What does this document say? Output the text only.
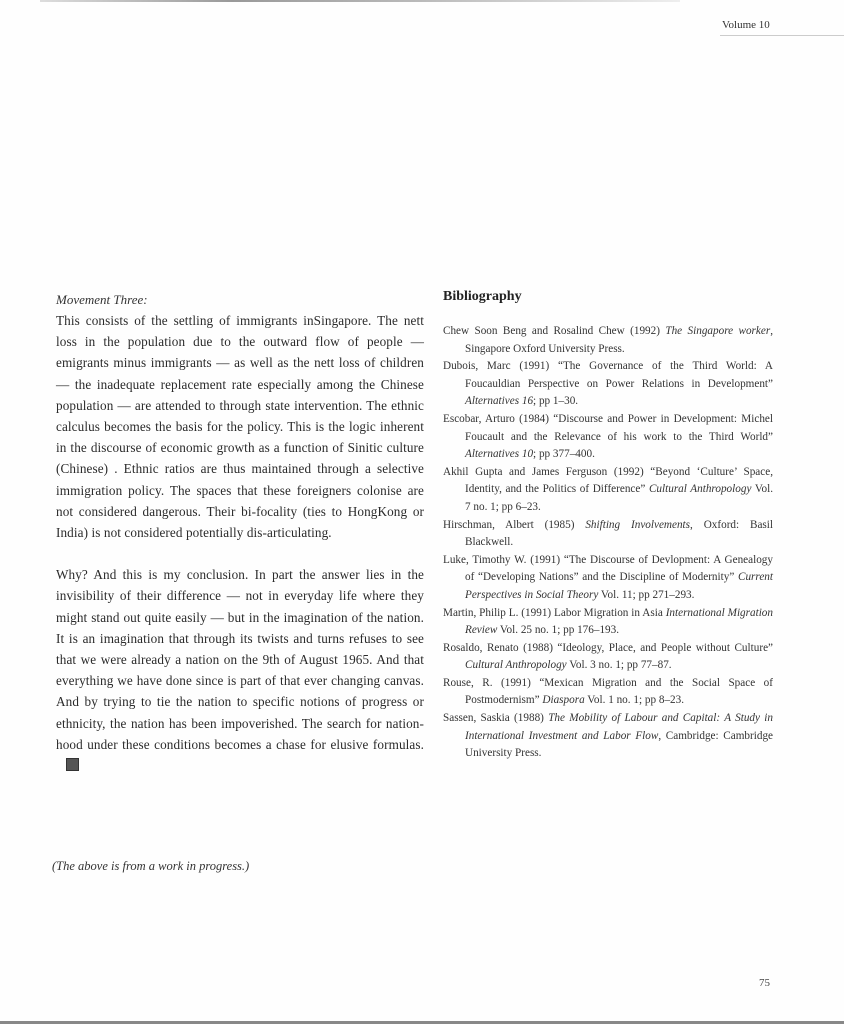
Volume 10

Movement Three:

This consists of the settling of immigrants inSingapore. The nett loss in the population due to the outward flow of people — emigrants minus immigrants — as well as the nett loss of children — the inadequate replacement rate especially among the Chinese population — are attended to through state intervention. The ethnic calculus becomes the basis for the policy. This is the logic inherent in the discourse of economic growth as a function of Sinitic culture (Chinese) . Ethnic ratios are thus maintained through a selective immigration policy. The spaces that these foreigners colonise are not considered dangerous. Their bi-focality (ties to HongKong or India) is not considered potentially dis-articulating.

Why? And this is my conclusion. In part the answer lies in the invisibility of their difference — not in everyday life where they might stand out quite easily — but in the imagination of the nation. It is an imagination that through its twists and turns refuses to see that we were already a nation on the 9th of August 1965. And that everything we have done since is part of that ever changing canvas. And by trying to tie the nation to specific notions of progress or ethnicity, the nation has been impoverished. The search for nation-hood under these conditions becomes a chase for elusive formulas.

(The above is from a work in progress.)
Bibliography
Chew Soon Beng and Rosalind Chew (1992) The Singapore worker, Singapore Oxford University Press.
Dubois, Marc (1991) “The Governance of the Third World: A Foucauldian Perspective on Power Relations in Development” Alternatives 16; pp 1–30.
Escobar, Arturo (1984) “Discourse and Power in Development: Michel Foucault and the Relevance of his work to the Third World” Alternatives 10; pp 377–400.
Akhil Gupta and James Ferguson (1992) “Beyond ‘Culture’ Space, Identity, and the Politics of Difference” Cultural Anthropology Vol. 7 no. 1; pp 6–23.
Hirschman, Albert (1985) Shifting Involvements, Oxford: Basil Blackwell.
Luke, Timothy W. (1991) “The Discourse of Devlopment: A Genealogy of “Developing Nations” and the Discipline of Modernity” Current Perspectives in Social Theory Vol. 11; pp 271–293.
Martin, Philip L. (1991) Labor Migration in Asia International Migration Review Vol. 25 no. 1; pp 176–193.
Rosaldo, Renato (1988) “Ideology, Place, and People without Culture” Cultural Anthropology Vol. 3 no. 1; pp 77–87.
Rouse, R. (1991) “Mexican Migration and the Social Space of Postmodernism” Diaspora Vol. 1 no. 1; pp 8–23.
Sassen, Saskia (1988) The Mobility of Labour and Capital: A Study in International Investment and Labor Flow, Cambridge: Cambridge University Press.
75
